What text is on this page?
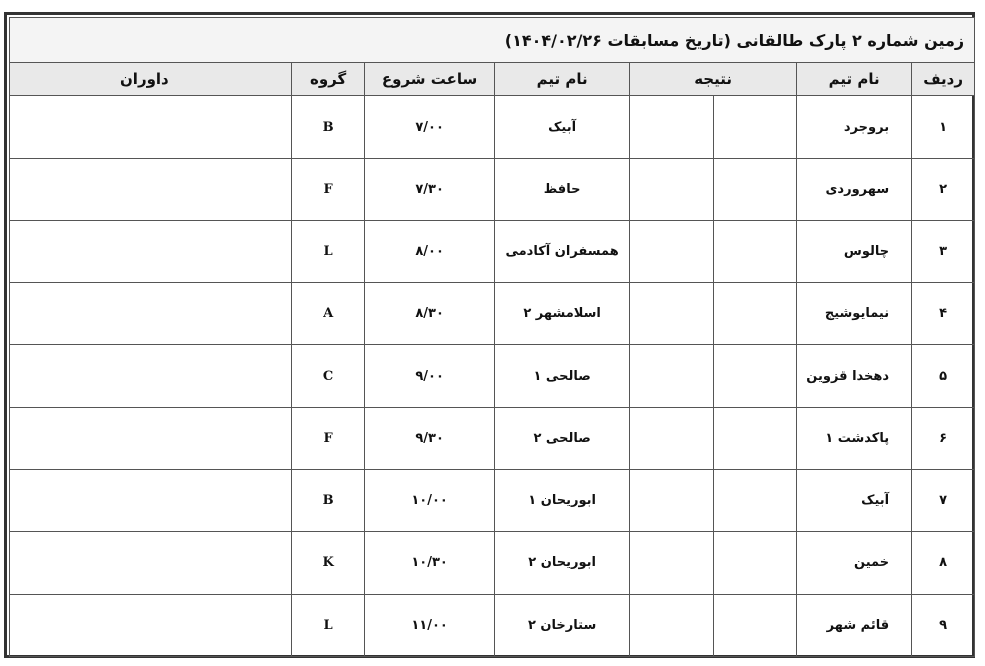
زمین شماره ۲ پارک طالقانی (تاریخ مسابقات ۱۴۰۴/۰۲/۲۶)							
ردیف	نام تیم	نتیجه		نام تیم	ساعت شروع	گروه	داوران
۱	بروجرد			آبیک	۷/۰۰	B	
۲	سهروردی			حافظ	۷/۳۰	F	
۳	چالوس			همسفران آکادمی	۸/۰۰	L	
۴	نیمایوشیج			اسلامشهر ۲	۸/۳۰	A	
۵	دهخدا قزوین			صالحی ۱	۹/۰۰	C	
۶	پاکدشت ۱			صالحی ۲	۹/۳۰	F	
۷	آبیک			ابوریحان ۱	۱۰/۰۰	B	
۸	خمین			ابوریحان ۲	۱۰/۳۰	K	
۹	قائم شهر			ستارخان ۲	۱۱/۰۰	L	
